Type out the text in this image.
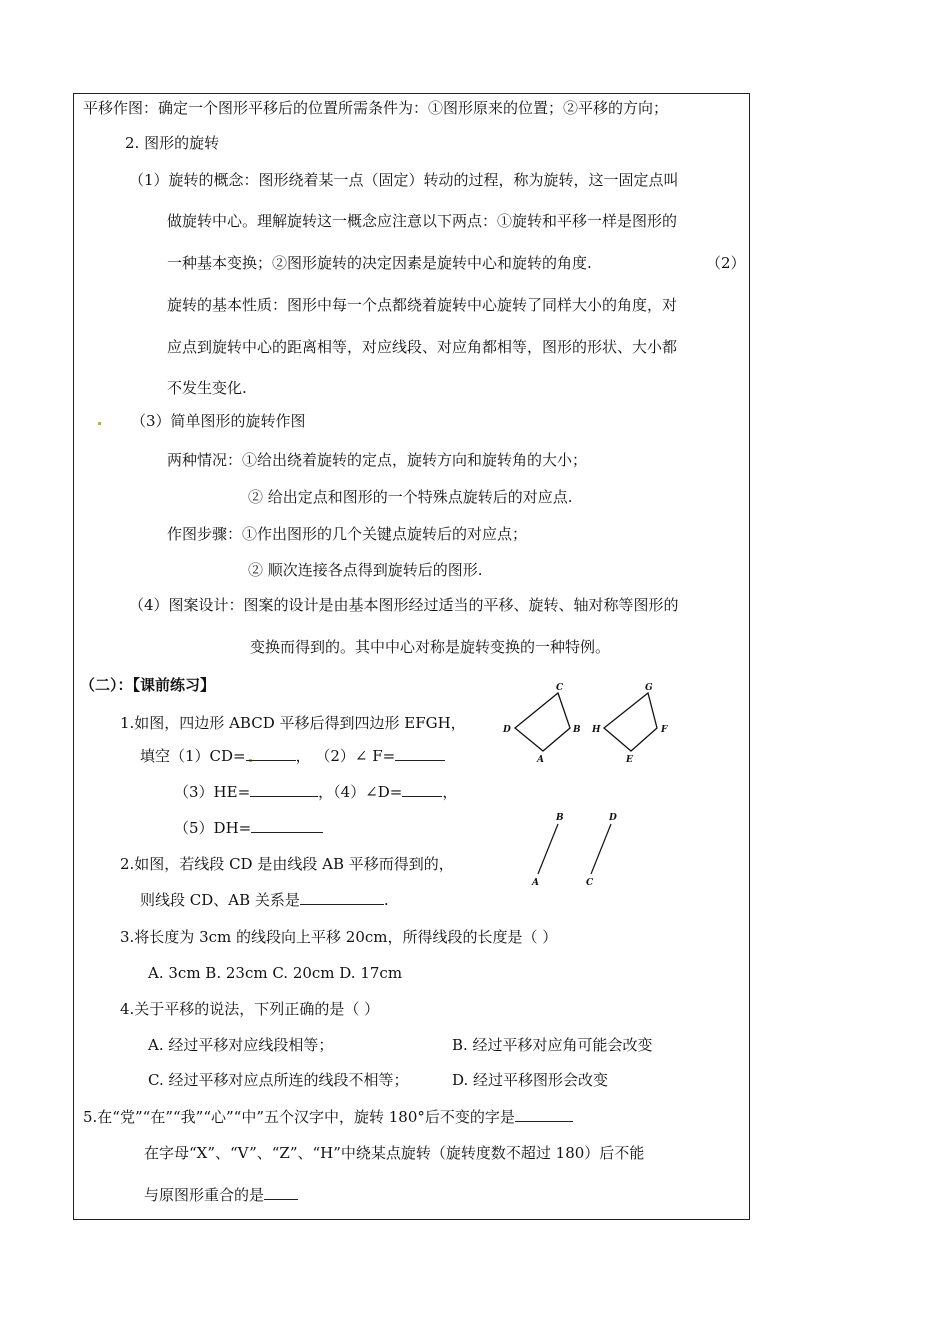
平移作图：确定一个图形平移后的位置所需条件为：①图形原来的位置；②平移的方向；
2. 图形的旋转
（1）旋转的概念：图形绕着某一点（固定）转动的过程，称为旋转，这一固定点叫
做旋转中心。理解旋转这一概念应注意以下两点：①旋转和平移一样是图形的
一种基本变换；②图形旋转的决定因素是旋转中心和旋转的角度.	（2）
旋转的基本性质：图形中每一个点都绕着旋转中心旋转了同样大小的角度，对
应点到旋转中心的距离相等，对应线段、对应角都相等，图形的形状、大小都
不发生变化.
（3）简单图形的旋转作图
两种情况：①给出绕着旋转的定点，旋转方向和旋转角的大小；
② 给出定点和图形的一个特殊点旋转后的对应点.
作图步骤：①作出图形的几个关键点旋转后的对应点；
② 顺次连接各点得到旋转后的图形.
（4）图案设计：图案的设计是由基本图形经过适当的平移、旋转、轴对称等图形的
变换而得到的。其中中心对称是旋转变换的一种特例。
（二）：【课前练习】
1.如图，四边形 ABCD 平移后得到四边形 EFGH，
填空（1）CD=	， （2）∠ F=
（3）HE=	，（4）∠D=	，
（5）DH=
2.如图，若线段 CD 是由线段 AB 平移而得到的，
则线段 CD、AB 关系是	.
3.将长度为 3cm 的线段向上平移 20cm，所得线段的长度是（ ）
A. 3cm B. 23cm C. 20cm D. 17cm
4.关于平移的说法，下列正确的是（ ）
A. 经过平移对应线段相等；	B. 经过平移对应角可能会改变
C. 经过平移对应点所连的线段不相等；	D. 经过平移图形会改变
5.在“党”“在”“我”“心”“中”五个汉字中，旋转 180°后不变的字是
在字母“X”、“V”、“Z”、“H”中绕某点旋转（旋转度数不超过 180）后不能
与原图形重合的是
C
D	B
A
G
H	F
E
B
A
D
C
